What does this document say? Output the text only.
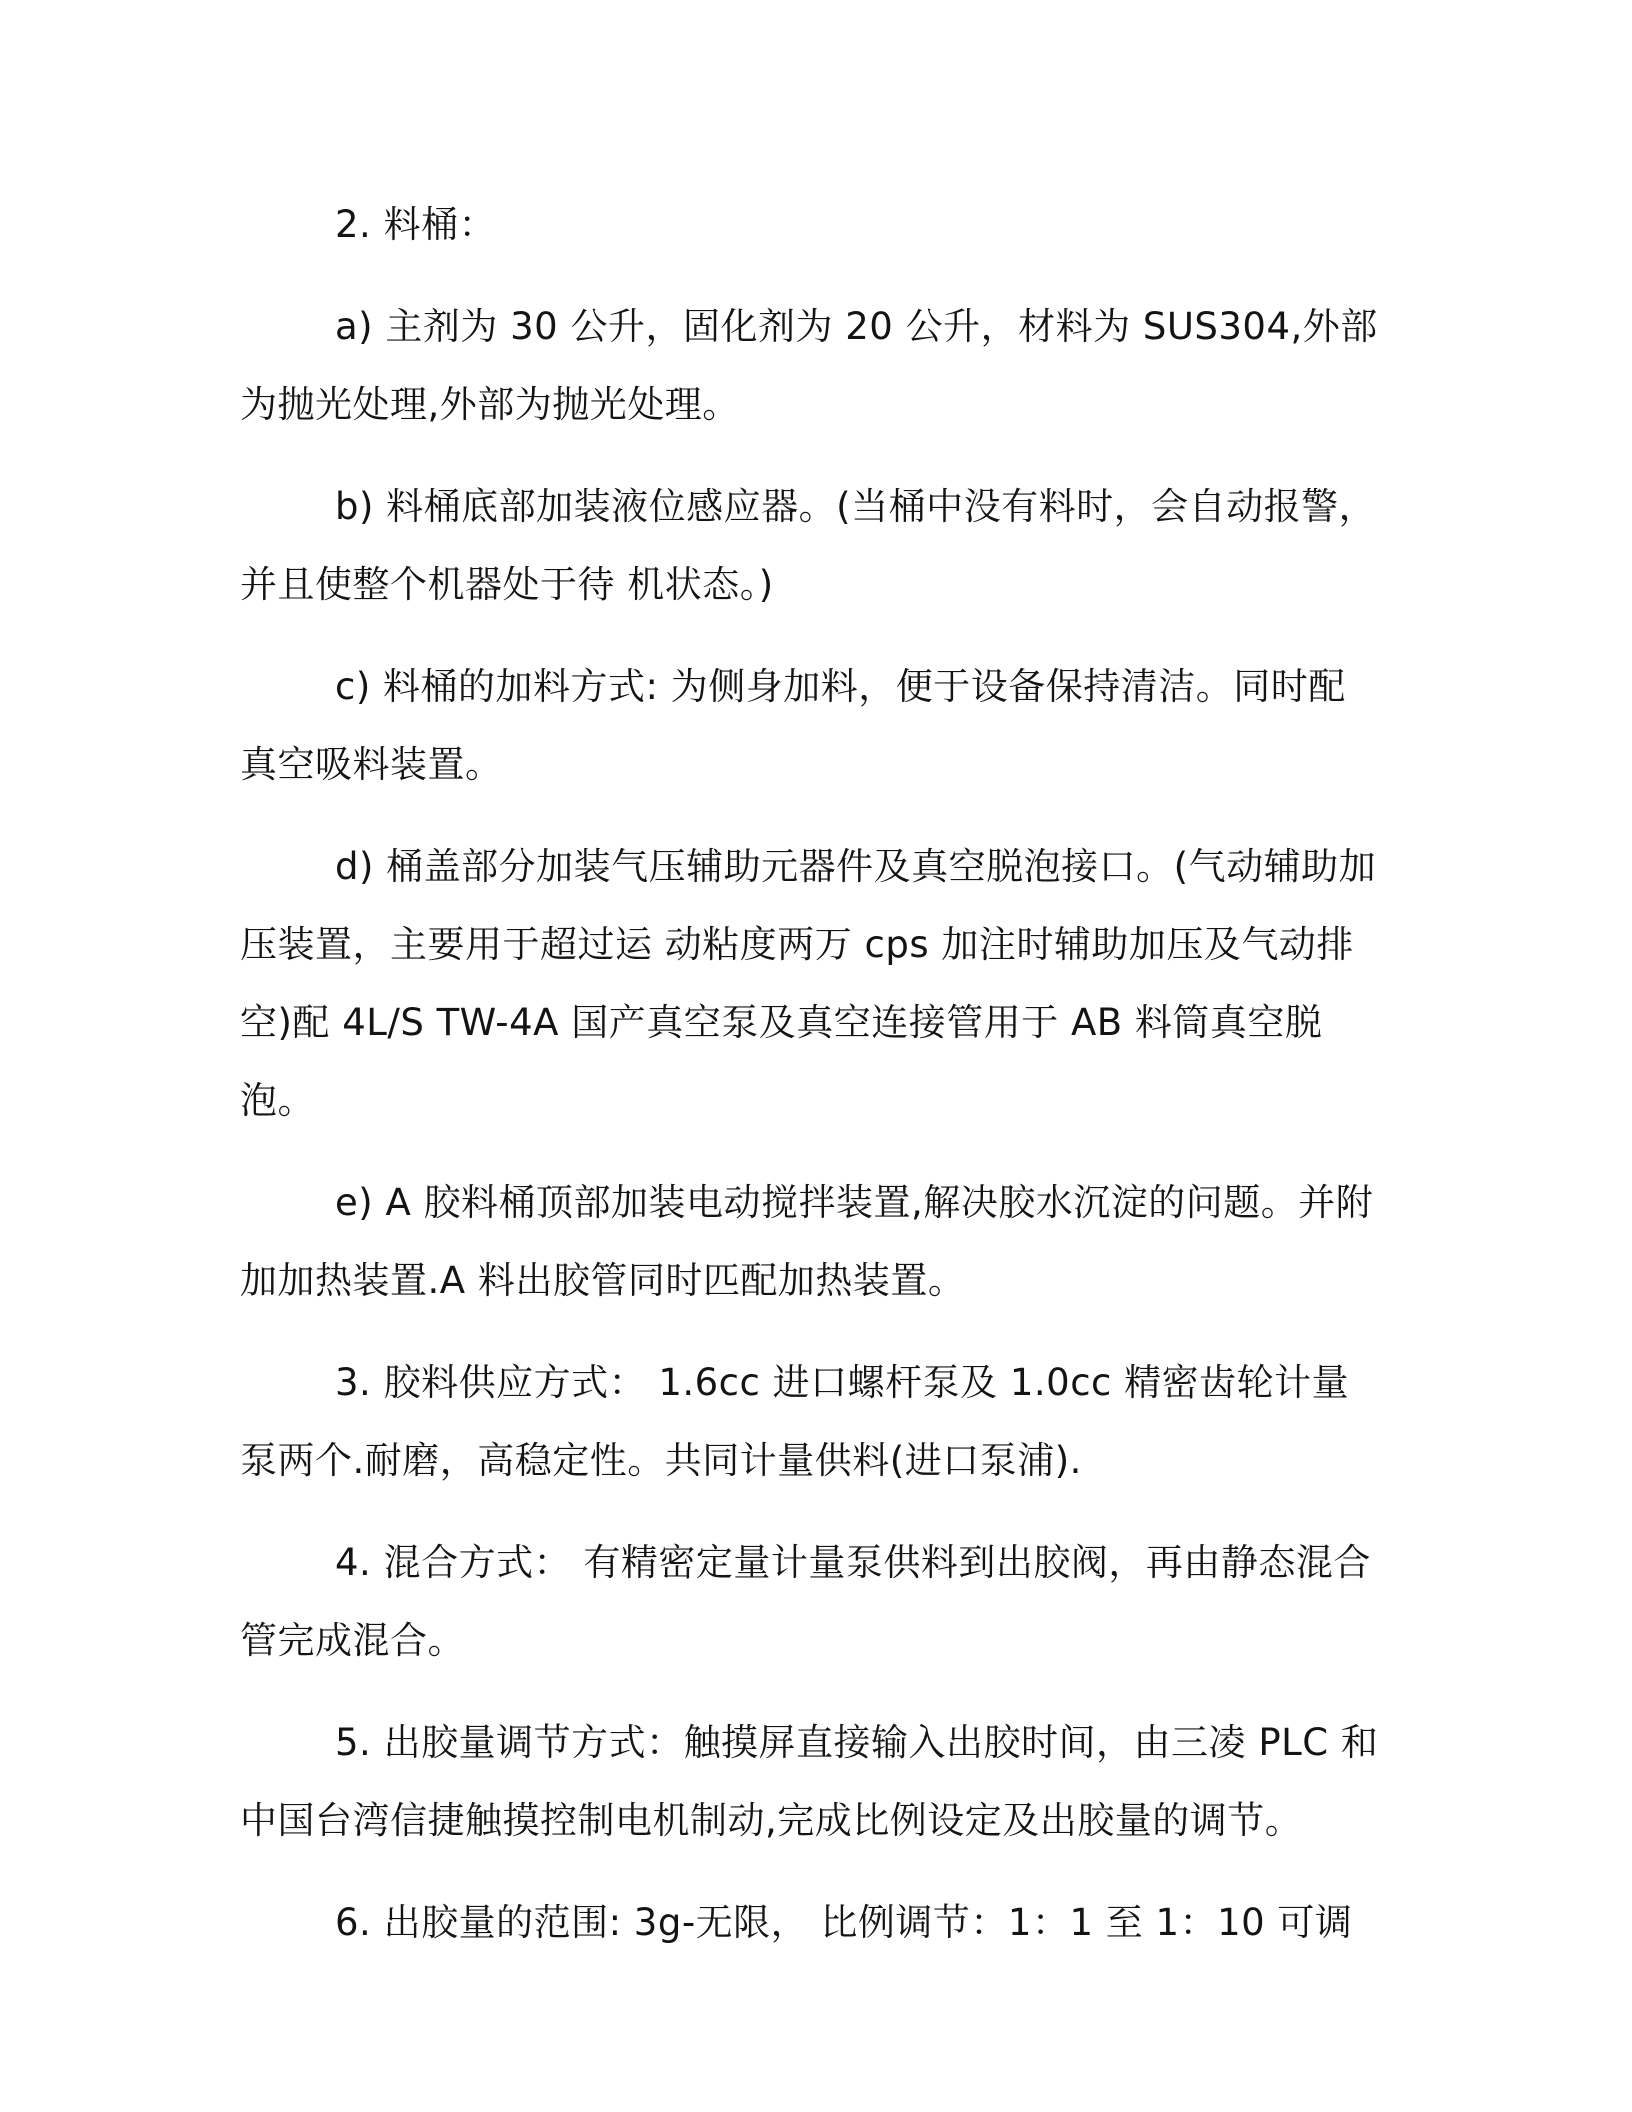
2. 料桶：

a) 主剂为 30 公升，固化剂为 20 公升，材料为 SUS304,外部为抛光处理,外部为抛光处理。

b) 料桶底部加装液位感应器。(当桶中没有料时，会自动报警，并且使整个机器处于待 机状态。)

c) 料桶的加料方式: 为侧身加料，便于设备保持清洁。同时配真空吸料装置。

d) 桶盖部分加装气压辅助元器件及真空脱泡接口。(气动辅助加压装置，主要用于超过运 动粘度两万 cps 加注时辅助加压及气动排空)配 4L/S TW-4A 国产真空泵及真空连接管用于 AB 料筒真空脱泡。

e) A 胶料桶顶部加装电动搅拌装置,解决胶水沉淀的问题。并附加加热装置.A 料出胶管同时匹配加热装置。

3. 胶料供应方式： 1.6cc 进口螺杆泵及 1.0cc 精密齿轮计量泵两个.耐磨，高稳定性。共同计量供料(进口泵浦).

4. 混合方式： 有精密定量计量泵供料到出胶阀，再由静态混合管完成混合。

5. 出胶量调节方式：触摸屏直接输入出胶时间，由三凌 PLC 和中国台湾信捷触摸控制电机制动,完成比例设定及出胶量的调节。

6. 出胶量的范围: 3g-无限， 比例调节：1：1 至 1：10 可调
